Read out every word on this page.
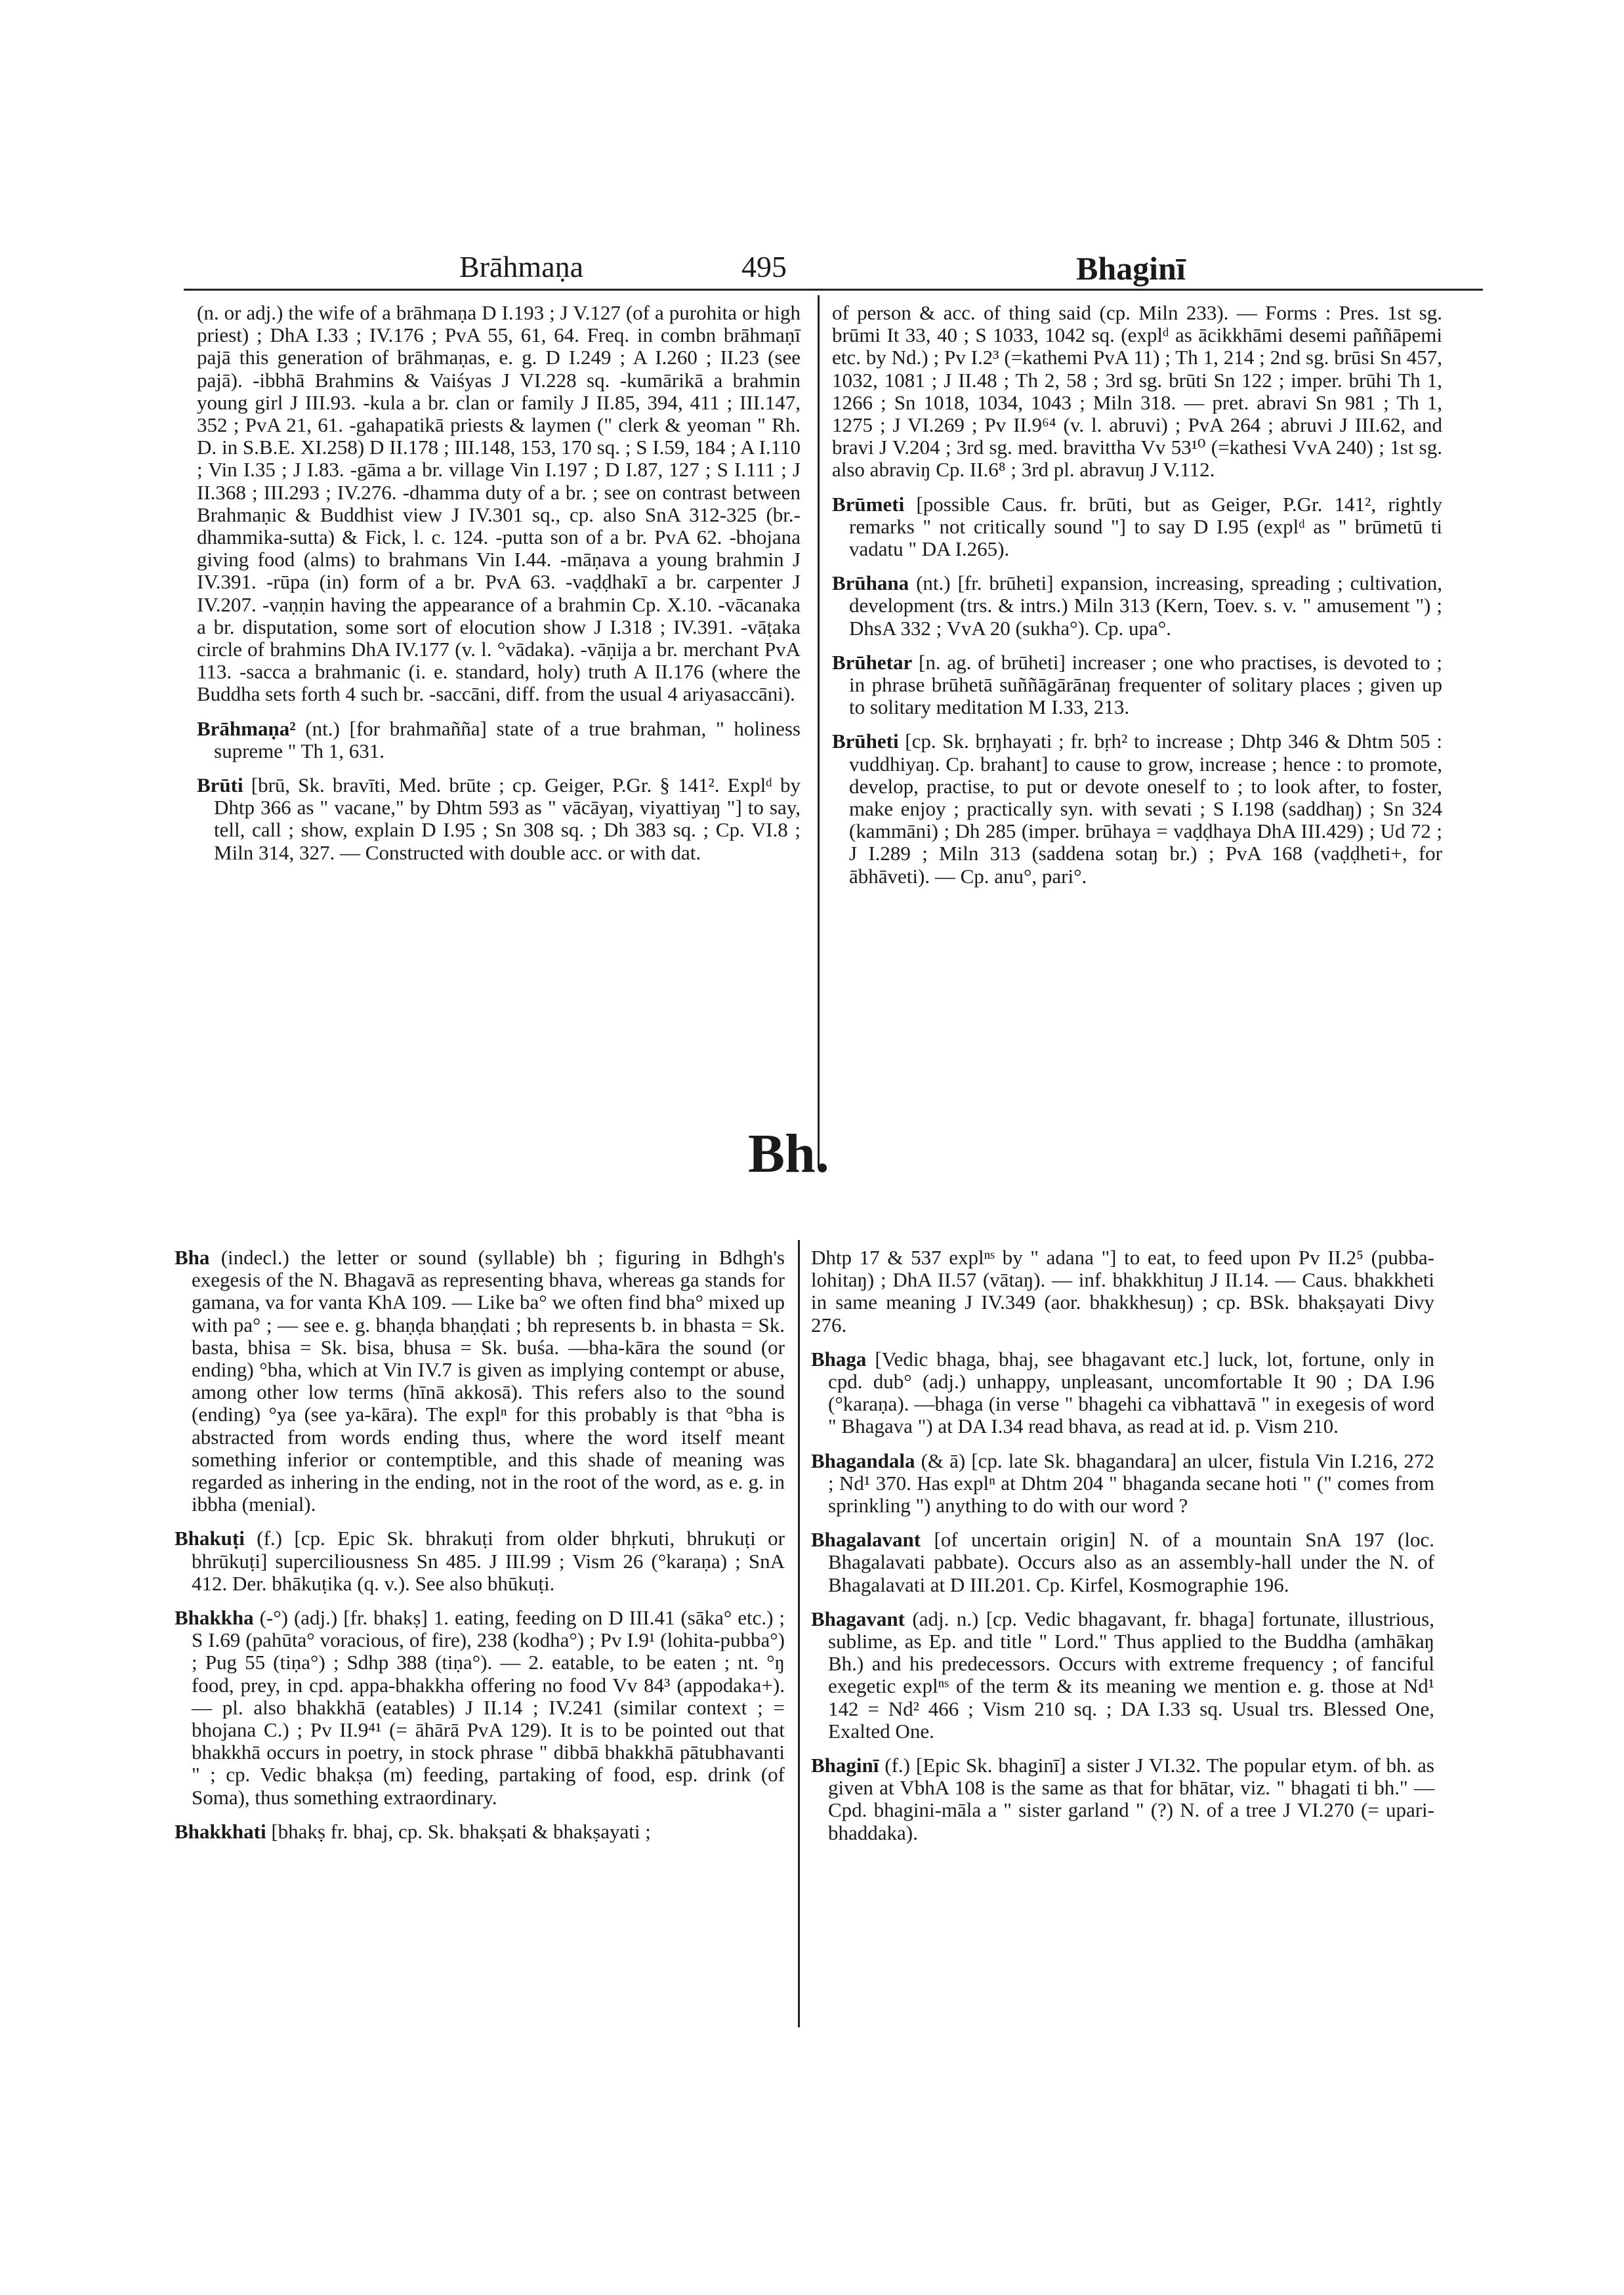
Brāhmaṇa	495	Bhaginī

(n. or adj.) the wife of a brāhmaṇa D I.193 ; J V.127 (of a purohita or high priest) ; DhA I.33 ; IV.176 ; PvA 55, 61, 64. Freq. in combn brāhmaṇī pajā this generation of brāhmaṇas, e. g. D I.249 ; A I.260 ; II.23 (see pajā). -ibbhā Brahmins & Vaiśyas J VI.228 sq. -kumārikā a brahmin young girl J III.93. -kula a br. clan or family J II.85, 394, 411 ; III.147, 352 ; PvA 21, 61. -gahapatikā priests & laymen (" clerk & yeoman " Rh. D. in S.B.E. XI.258) D II.178 ; III.148, 153, 170 sq. ; S I.59, 184 ; A I.110 ; Vin I.35 ; J I.83. -gāma a br. village Vin I.197 ; D I.87, 127 ; S I.111 ; J II.368 ; III.293 ; IV.276. -dhamma duty of a br. ; see on contrast between Brahmaṇic & Buddhist view J IV.301 sq., cp. also SnA 312-325 (br.-dhammika-sutta) & Fick, l. c. 124. -putta son of a br. PvA 62. -bhojana giving food (alms) to brahmans Vin I.44. -māṇava a young brahmin J IV.391. -rūpa (in) form of a br. PvA 63. -vaḍḍhakī a br. carpenter J IV.207. -vaṇṇin having the appearance of a brahmin Cp. X.10. -vācanaka a br. disputation, some sort of elocution show J I.318 ; IV.391. -vāṭaka circle of brahmins DhA IV.177 (v. l. °vādaka). -vāṇija a br. merchant PvA 113. -sacca a brahmanic (i. e. standard, holy) truth A II.176 (where the Buddha sets forth 4 such br. -saccāni, diff. from the usual 4 ariyasaccāni).

Brāhmaṇa² (nt.) [for brahmañña] state of a true brahman, " holiness supreme " Th 1, 631.

Brūti [brū, Sk. bravīti, Med. brūte ; cp. Geiger, P.Gr. § 141². Explᵈ by Dhtp 366 as " vacane," by Dhtm 593 as " vācāyaŋ, viyattiyaŋ "] to say, tell, call ; show, explain D I.95 ; Sn 308 sq. ; Dh 383 sq. ; Cp. VI.8 ; Miln 314, 327. — Constructed with double acc. or with dat.

of person & acc. of thing said (cp. Miln 233). — Forms : Pres. 1st sg. brūmi It 33, 40 ; S 1033, 1042 sq. (explᵈ as ācikkhāmi desemi paññāpemi etc. by Nd.) ; Pv I.2³ (=kathemi PvA 11) ; Th 1, 214 ; 2nd sg. brūsi Sn 457, 1032, 1081 ; J II.48 ; Th 2, 58 ; 3rd sg. brūti Sn 122 ; imper. brūhi Th 1, 1266 ; Sn 1018, 1034, 1043 ; Miln 318. — pret. abravi Sn 981 ; Th 1, 1275 ; J VI.269 ; Pv II.9⁶⁴ (v. l. abruvi) ; PvA 264 ; abruvi J III.62, and bravi J V.204 ; 3rd sg. med. bravittha Vv 53¹⁰ (=kathesi VvA 240) ; 1st sg. also abraviŋ Cp. II.6⁸ ; 3rd pl. abravuŋ J V.112.

Brūmeti [possible Caus. fr. brūti, but as Geiger, P.Gr. 141², rightly remarks " not critically sound "] to say D I.95 (explᵈ as " brūmetū ti vadatu " DA I.265).

Brūhana (nt.) [fr. brūheti] expansion, increasing, spreading ; cultivation, development (trs. & intrs.) Miln 313 (Kern, Toev. s. v. " amusement ") ; DhsA 332 ; VvA 20 (sukha°). Cp. upa°.

Brūhetar [n. ag. of brūheti] increaser ; one who practises, is devoted to ; in phrase brūhetā suññāgārānaŋ frequenter of solitary places ; given up to solitary meditation M I.33, 213.

Brūheti [cp. Sk. bṛŋhayati ; fr. bṛh² to increase ; Dhtp 346 & Dhtm 505 : vuddhiyaŋ. Cp. brahant] to cause to grow, increase ; hence : to promote, develop, practise, to put or devote oneself to ; to look after, to foster, make enjoy ; practically syn. with sevati ; S I.198 (saddhaŋ) ; Sn 324 (kammāni) ; Dh 285 (imper. brūhaya = vaḍḍhaya DhA III.429) ; Ud 72 ; J I.289 ; Miln 313 (saddena sotaŋ br.) ; PvA 168 (vaḍḍheti+, for ābhāveti). — Cp. anu°, pari°.

Bh.

Bha (indecl.) the letter or sound (syllable) bh ; figuring in Bdhgh's exegesis of the N. Bhagavā as representing bhava, whereas ga stands for gamana, va for vanta KhA 109. — Like ba° we often find bha° mixed up with pa° ; — see e. g. bhaṇḍa bhaṇḍati ; bh represents b. in bhasta = Sk. basta, bhisa = Sk. bisa, bhusa = Sk. buśa. —bha-kāra the sound (or ending) °bha, which at Vin IV.7 is given as implying contempt or abuse, among other low terms (hīnā akkosā). This refers also to the sound (ending) °ya (see ya-kāra). The explⁿ for this probably is that °bha is abstracted from words ending thus, where the word itself meant something inferior or contemptible, and this shade of meaning was regarded as inhering in the ending, not in the root of the word, as e. g. in ibbha (menial).

Bhakuṭi (f.) [cp. Epic Sk. bhrakuṭi from older bhṛkuti, bhrukuṭi or bhrūkuṭi] superciliousness Sn 485. J III.99 ; Vism 26 (°karaṇa) ; SnA 412. Der. bhākuṭika (q. v.). See also bhūkuṭi.

Bhakkha (-°) (adj.) [fr. bhakṣ] 1. eating, feeding on D III.41 (sāka° etc.) ; S I.69 (pahūta° voracious, of fire), 238 (kodha°) ; Pv I.9¹ (lohita-pubba°) ; Pug 55 (tiṇa°) ; Sdhp 388 (tiṇa°). — 2. eatable, to be eaten ; nt. °ŋ food, prey, in cpd. appa-bhakkha offering no food Vv 84³ (appodaka+). — pl. also bhakkhā (eatables) J II.14 ; IV.241 (similar context ; = bhojana C.) ; Pv II.9⁴¹ (= āhārā PvA 129). It is to be pointed out that bhakkhā occurs in poetry, in stock phrase " dibbā bhakkhā pātubhavanti " ; cp. Vedic bhakṣa (m) feeding, partaking of food, esp. drink (of Soma), thus something extraordinary.

Bhakkhati [bhakṣ fr. bhaj, cp. Sk. bhakṣati & bhakṣayati ;

Dhtp 17 & 537 explⁿˢ by " adana "] to eat, to feed upon Pv II.2⁵ (pubba-lohitaŋ) ; DhA II.57 (vātaŋ). — inf. bhakkhituŋ J II.14. — Caus. bhakkheti in same meaning J IV.349 (aor. bhakkhesuŋ) ; cp. BSk. bhakṣayati Divy 276.

Bhaga [Vedic bhaga, bhaj, see bhagavant etc.] luck, lot, fortune, only in cpd. dub° (adj.) unhappy, unpleasant, uncomfortable It 90 ; DA I.96 (°karaṇa). —bhaga (in verse " bhagehi ca vibhattavā " in exegesis of word " Bhagava ") at DA I.34 read bhava, as read at id. p. Vism 210.

Bhagandala (& ā) [cp. late Sk. bhagandara] an ulcer, fistula Vin I.216, 272 ; Nd¹ 370. Has explⁿ at Dhtm 204 " bhaganda secane hoti " (" comes from sprinkling ") anything to do with our word ?

Bhagalavant [of uncertain origin] N. of a mountain SnA 197 (loc. Bhagalavati pabbate). Occurs also as an assembly-hall under the N. of Bhagalavati at D III.201. Cp. Kirfel, Kosmographie 196.

Bhagavant (adj. n.) [cp. Vedic bhagavant, fr. bhaga] fortunate, illustrious, sublime, as Ep. and title " Lord." Thus applied to the Buddha (amhākaŋ Bh.) and his predecessors. Occurs with extreme frequency ; of fanciful exegetic explⁿˢ of the term & its meaning we mention e. g. those at Nd¹ 142 = Nd² 466 ; Vism 210 sq. ; DA I.33 sq. Usual trs. Blessed One, Exalted One.

Bhaginī (f.) [Epic Sk. bhaginī] a sister J VI.32. The popular etym. of bh. as given at VbhA 108 is the same as that for bhātar, viz. " bhagati ti bh." — Cpd. bhagini-māla a " sister garland " (?) N. of a tree J VI.270 (= upari-bhaddaka).
